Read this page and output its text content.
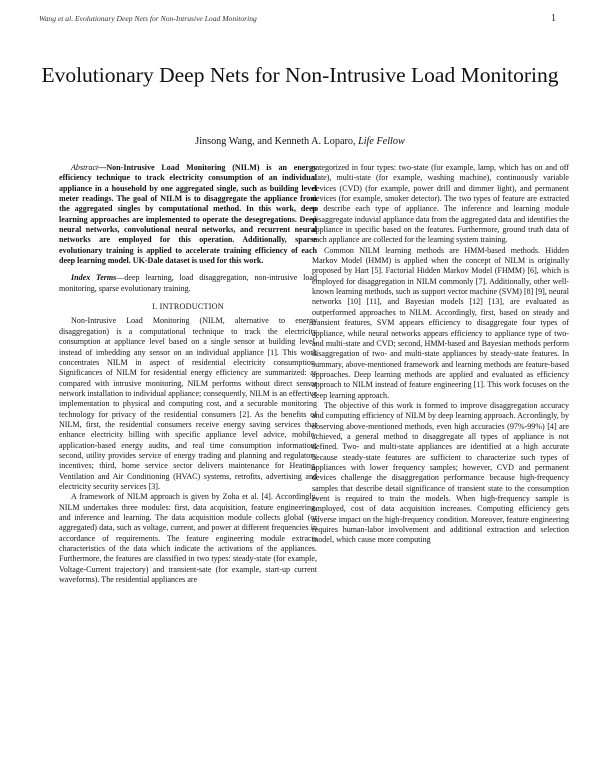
Wang et al. Evolutionary Deep Nets for Non-Intrusive Load Monitoring	1
Evolutionary Deep Nets for Non-Intrusive Load Monitoring
Jinsong Wang, and Kenneth A. Loparo, Life Fellow

Abstract—Non-Intrusive Load Monitoring (NILM) is an energy efficiency technique to track electricity consumption of an individual appliance in a household by one aggregated single, such as building level meter readings. The goal of NILM is to disaggregate the appliance from the aggregated singles by computational method. In this work, deep learning approaches are implemented to operate the desegregations. Deep neural networks, convolutional neural networks, and recurrent neural networks are employed for this operation. Additionally, sparse evolutionary training is applied to accelerate training efficiency of each deep learning model. UK-Dale dataset is used for this work.

Index Terms—deep learning, load disaggregation, non-intrusive load monitoring, sparse evolutionary training.

I. INTRODUCTION

Non-Intrusive Load Monitoring (NILM, alternative to energy disaggregation) is a computational technique to track the electricity consumption at appliance level based on a single sensor at building level, instead of imbedding any sensor on an individual appliance [1]. This work concentrates NILM in aspect of residential electricity consumption. Significances of NILM for residential energy efficiency are summarized: as compared with intrusive monitoring, NILM performs without direct sensor network installation to individual appliance; consequently, NILM is an effective implementation to physical and computing cost, and a securable monitoring technology for privacy of the residential consumers [2]. As the benefits of NILM, first, the residential consumers receive energy saving services that enhance electricity billing with specific appliance level advice, mobile-application-based energy audits, and real time consumption information; second, utility provides service of energy trading and planning and regulatory incentives; third, home service sector delivers maintenance for Heating, Ventilation and Air Conditioning (HVAC) systems, retrofits, advertising and electricity security services [3].

A framework of NILM approach is given by Zoha et al. [4]. Accordingly, NILM undertakes three modules: first, data acquisition, feature engineering, and inference and learning. The data acquisition module collects global (or aggregated) data, such as voltage, current, and power at different frequencies in accordance of requirements. The feature engineering module extracts characteristics of the data which indicate the activations of the appliances. Furthermore, the features are classified in two types: steady-state (for example, Voltage-Current trajectory) and transient-sate (for example, start-up current waveforms). The residential appliances are

categorized in four types: two-state (for example, lamp, which has on and off state), multi-state (for example, washing machine), continuously variable devices (CVD) (for example, power drill and dimmer light), and permanent devices (for example, smoker detector). The two types of feature are extracted to describe each type of appliance. The inference and learning module disaggregate induvial appliance data from the aggregated data and identifies the appliance in specific based on the features. Furthermore, ground truth data of each appliance are collected for the learning system training.

Common NILM learning methods are HMM-based methods. Hidden Markov Model (HMM) is applied when the concept of NILM is originally proposed by Hart [5]. Factorial Hidden Markov Model (FHMM) [6], which is employed for disaggregation in NILM commonly [7]. Additionally, other well-known learning methods, such as support vector machine (SVM) [8] [9], neural networks [10] [11], and Bayesian models [12] [13], are evaluated as outperformed approaches to NILM. Accordingly, first, based on steady and transient features, SVM appears efficiency to disaggregate four types of appliance, while neural networks appears efficiency to appliance type of two- and multi-state and CVD; second, HMM-based and Bayesian methods perform disaggregation of two- and multi-state appliances by steady-state features. In summary, above-mentioned framework and learning methods are feature-based approaches. Deep learning methods are applied and evaluated as efficiency approach to NILM instead of feature engineering [1]. This work focuses on the deep learning approach.

The objective of this work is formed to improve disaggregation accuracy and computing efficiency of NILM by deep learning approach. Accordingly, by observing above-mentioned methods, even high accuracies (97%-99%) [4] are achieved, a general method to disaggregate all types of appliance is not defined. Two- and multi-state appliances are identified at a high accurate because steady-state features are sufficient to characterize such types of appliances with lower frequency samples; however, CVD and permanent devices challenge the disaggregation performance because high-frequency samples that describe detail significance of transient state to the consumption event is required to train the models. When high-frequency sample is employed, cost of data acquisition increases. Computing efficiency gets adverse impact on the high-frequency condition. Moreover, feature engineering requires human-labor involvement and additional extraction and selection model, which cause more computing
